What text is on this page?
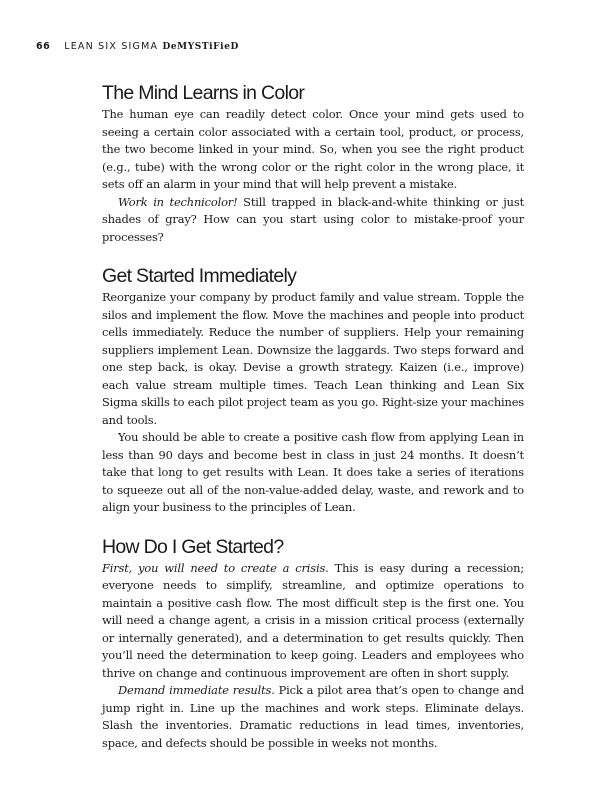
66 LEAN SIX SIGMA DeMYSTiFieD
The Mind Learns in Color

The human eye can readily detect color. Once your mind gets used to seeing a certain color associated with a certain tool, product, or process, the two become linked in your mind. So, when you see the right product (e.g., tube) with the wrong color or the right color in the wrong place, it sets off an alarm in your mind that will help prevent a mistake.

Work in technicolor! Still trapped in black-and-white thinking or just shades of gray? How can you start using color to mistake-proof your processes?

Get Started Immediately

Reorganize your company by product family and value stream. Topple the silos and implement the flow. Move the machines and people into product cells immediately. Reduce the number of suppliers. Help your remaining suppliers implement Lean. Downsize the laggards. Two steps forward and one step back, is okay. Devise a growth strategy. Kaizen (i.e., improve) each value stream multiple times. Teach Lean thinking and Lean Six Sigma skills to each pilot project team as you go. Right-size your machines and tools.

You should be able to create a positive cash flow from applying Lean in less than 90 days and become best in class in just 24 months. It doesn’t take that long to get results with Lean. It does take a series of iterations to squeeze out all of the non-value-added delay, waste, and rework and to align your business to the principles of Lean.

How Do I Get Started?

First, you will need to create a crisis. This is easy during a recession; everyone needs to simplify, streamline, and optimize operations to maintain a positive cash flow. The most difficult step is the first one. You will need a change agent, a crisis in a mission critical process (externally or internally generated), and a determination to get results quickly. Then you’ll need the determination to keep going. Leaders and employees who thrive on change and continuous improvement are often in short supply.

Demand immediate results. Pick a pilot area that’s open to change and jump right in. Line up the machines and work steps. Eliminate delays. Slash the inventories. Dramatic reductions in lead times, inventories, space, and defects should be possible in weeks not months.
